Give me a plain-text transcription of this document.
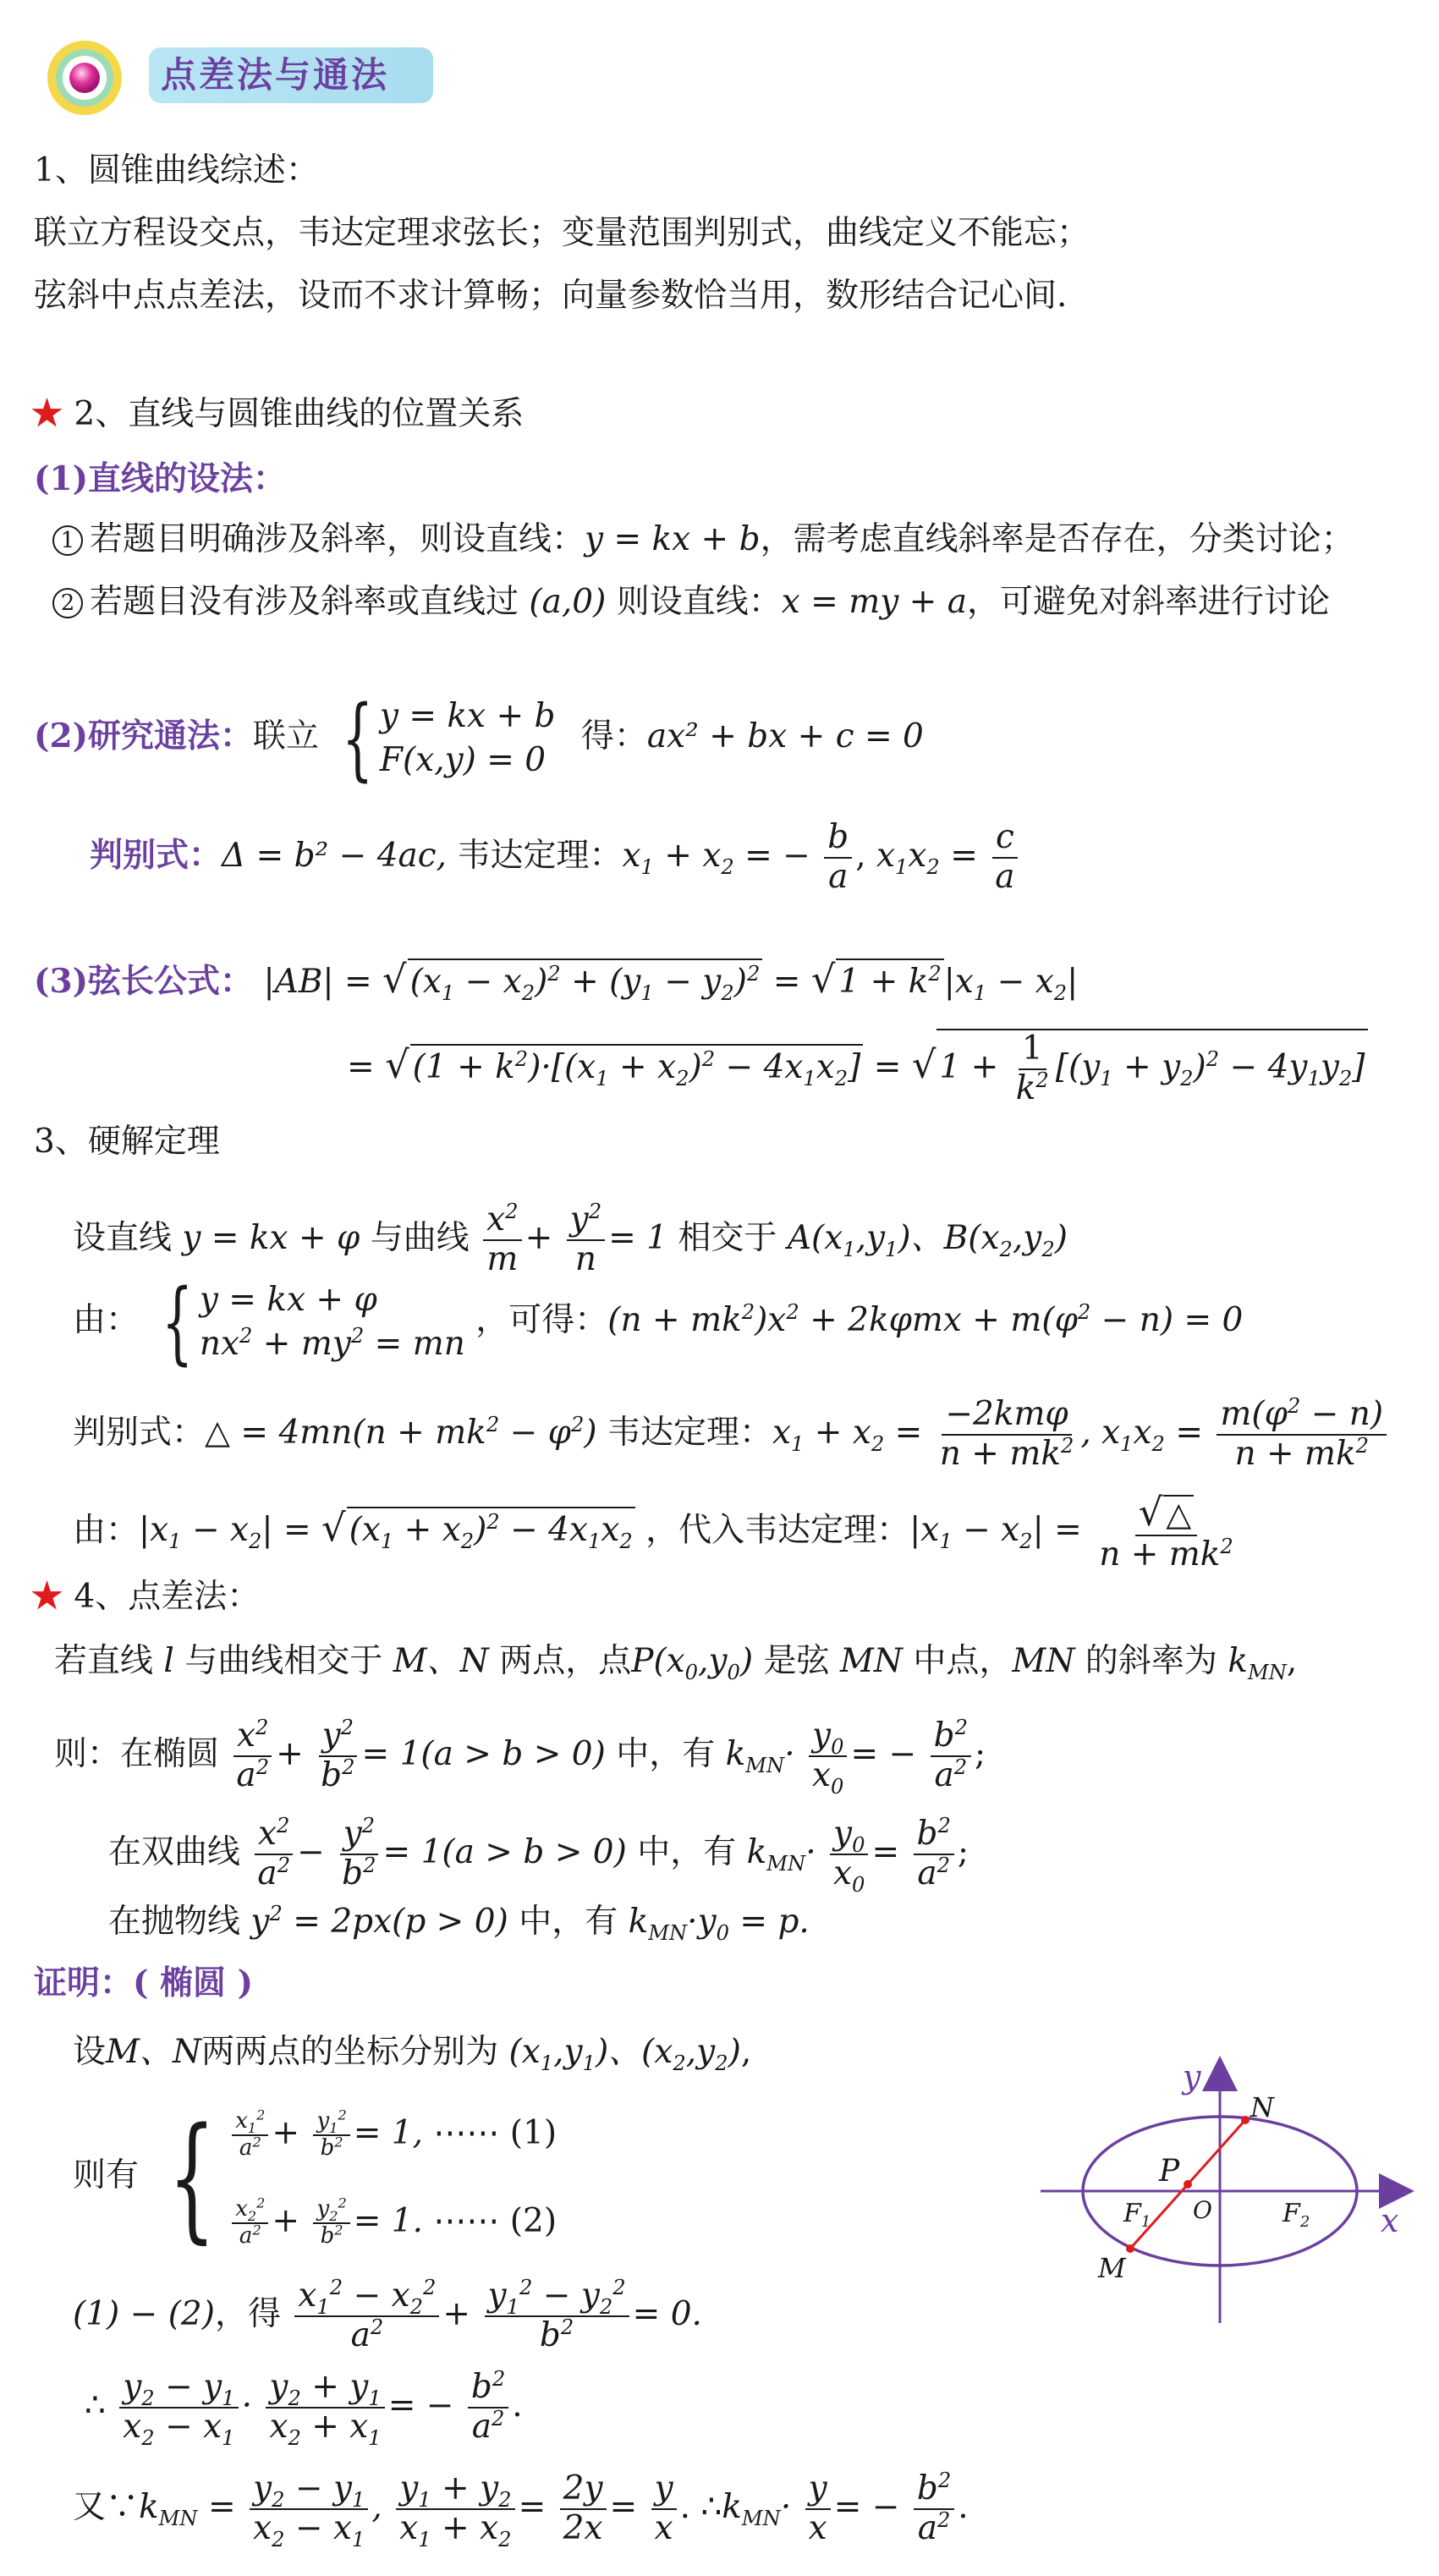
点差法与通法
1、圆锥曲线综述：
联立方程设交点，韦达定理求弦长；变量范围判别式，曲线定义不能忘；
弦斜中点点差法，设而不求计算畅；向量参数恰当用，数形结合记心间.
★ 2、直线与圆锥曲线的位置关系
(1)直线的设法：
1 若题目明确涉及斜率，则设直线：y = kx + b，需考虑直线斜率是否存在，分类讨论；
2 若题目没有涉及斜率或直线过 (a,0) 则设直线：x = my + a，可避免对斜率进行讨论
(2)研究通法：联立 { y = kx + b
F(x,y) = 0
得：ax² + bx + c = 0
判别式：Δ = b² − 4ac, 韦达定理：$x_1 + x_2$ = − $\frac{b}{a}$ , $x_1x_2 = \frac{c}{a}$
(3)弦长公式： |AB| = √ $(x_1 - x_2)^2 + (y_1 - y_2)^2$ = √ $1 + k^2|x_1 - x_2|$
= √ $(1 + k^2)\cdot[(x_1 + x_2)^2 - 4x_1x_2]$ = √ $1 + \frac{1}{k^2} [(y_1 + y_2)^2 - 4y_1y_2]$
3、硬解定理
设直线 y = kx + φ 与曲线 $\frac{x^2}{m} + \frac{y^2}{n} = 1$ 相交于 $A(x_1,y_1)$、$B(x_2,y_2)$
由： { y = kx + φ
$nx^2 + my^2$ = mn
，可得：$(n + mk^2)x^2 + 2k\varphi mx + m(\varphi^2 - n) = 0$
判别式：△ = $4mn(n + mk^2 - \varphi^2)$ 韦达定理：$x_1 + x_2 = \frac{\text{−2kmφ}}{n + mk^2}$ , $x_1x_2 = \frac{m(\varphi^2 - n)}{n + mk^2}$
由：$|x_1 - x_2|$ = √ $(x_1 + x_2)^2 - 4x_1x_2$ ，代入韦达定理：$|x_1 - x_2| = \frac{√ \triangle}{n + mk^2}$
★ 4、点差法：
若直线 l 与曲线相交于 M、N 两点，点$P(x_0,y_0)$ 是弦 MN 中点，MN 的斜率为 $k_{MN}$,
则：在椭圆 $\frac{x^2}{a^2} + \frac{y^2}{b^2} = 1(a > b > 0)$ 中，有 $k_{MN}\cdot \frac{y_0}{x_0}$ = − $\frac{b^2}{a^2}$ ;
在双曲线 $\frac{x^2}{a^2} - \frac{y^2}{b^2} = 1(a > b > 0)$ 中，有 $k_{MN}\cdot \frac{y_0}{x_0} = \frac{b^2}{a^2}$ ;
在抛物线 $y^2 = 2px(p > 0)$ 中，有 $k_{MN}\cdot y_0 = p$.
证明：( 椭圆 )
设M、N两两点的坐标分别为 $(x_1,y_1)$、$(x_2,y_2)$,
则有 { $\frac{x_1^2}{a^2} + \frac{y_1^2}{b^2} = 1$, ⋯⋯ (1)
$\frac{x_2^2}{a^2} + \frac{y_2^2}{b^2} = 1$. ⋯⋯ (2)
(1) − (2)，得 $\frac{x_1^2 - x_2^2}{a^2} + \frac{y_1^2 - y_2^2}{b^2} = 0$.
∴ $\frac{y_2 - y_1}{x_2 - x_1} \cdot \frac{y_2 + y_1}{x_2 + x_1}$ = − $\frac{b^2}{a^2}$ .
又$\because k_{MN} = \frac{y_2 - y_1}{x_2 - x_1}$ , $\frac{y_1 + y_2}{x_1 + x_2} = \frac{2y}{2x} = \frac{y}{x}$ . $\therefore k_{MN}\cdot \frac{y}{x}$ = − $\frac{b^2}{a^2}$ .
y
x
N
P
O
$F_1$	$F_2$
M
